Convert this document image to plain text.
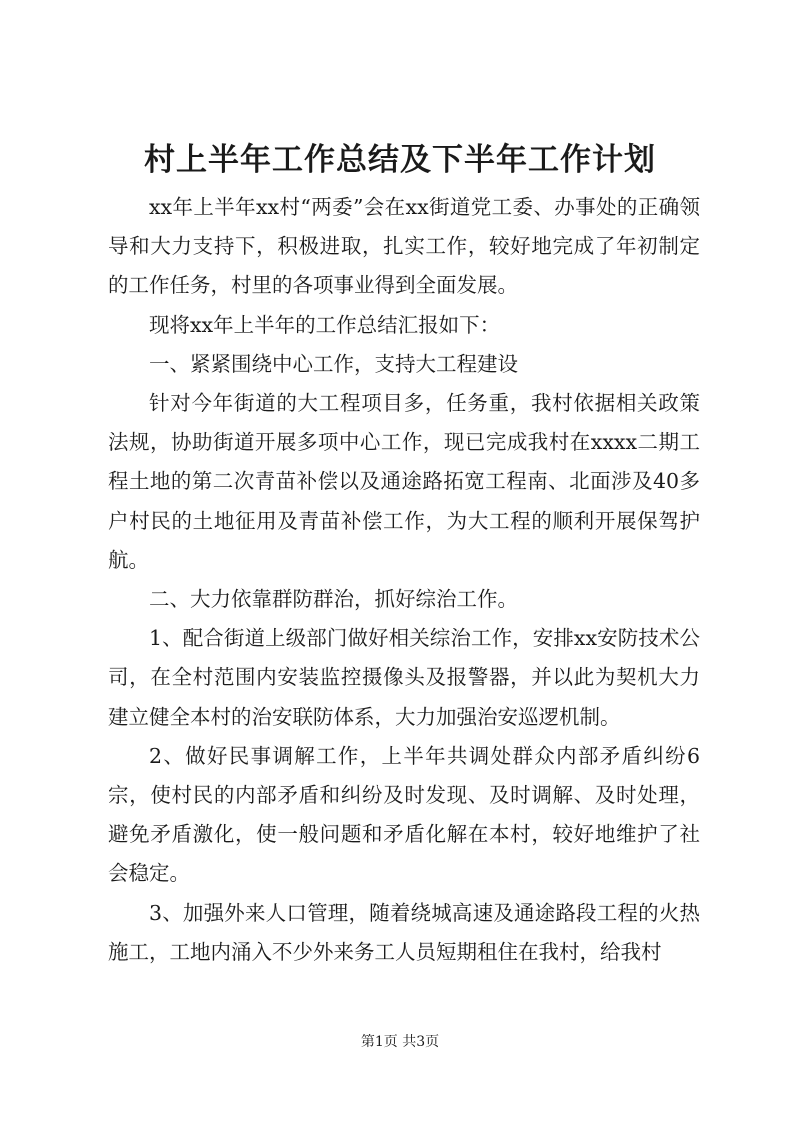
村上半年工作总结及下半年工作计划

xx年上半年xx村“两委”会在xx街道党工委、办事处的正确领导和大力支持下，积极进取，扎实工作，较好地完成了年初制定的工作任务，村里的各项事业得到全面发展。

现将xx年上半年的工作总结汇报如下：

一、紧紧围绕中心工作，支持大工程建设

针对今年街道的大工程项目多，任务重，我村依据相关政策法规，协助街道开展多项中心工作，现已完成我村在xxxx二期工程土地的第二次青苗补偿以及通途路拓宽工程南、北面涉及40多户村民的土地征用及青苗补偿工作，为大工程的顺利开展保驾护航。

二、大力依靠群防群治，抓好综治工作。

1、配合街道上级部门做好相关综治工作，安排xx安防技术公司，在全村范围内安装监控摄像头及报警器，并以此为契机大力建立健全本村的治安联防体系，大力加强治安巡逻机制。

2、做好民事调解工作，上半年共调处群众内部矛盾纠纷6宗，使村民的内部矛盾和纠纷及时发现、及时调解、及时处理，避免矛盾激化，使一般问题和矛盾化解在本村，较好地维护了社会稳定。

3、加强外来人口管理，随着绕城高速及通途路段工程的火热施工，工地内涌入不少外来务工人员短期租住在我村，给我村

第1页 共3页
